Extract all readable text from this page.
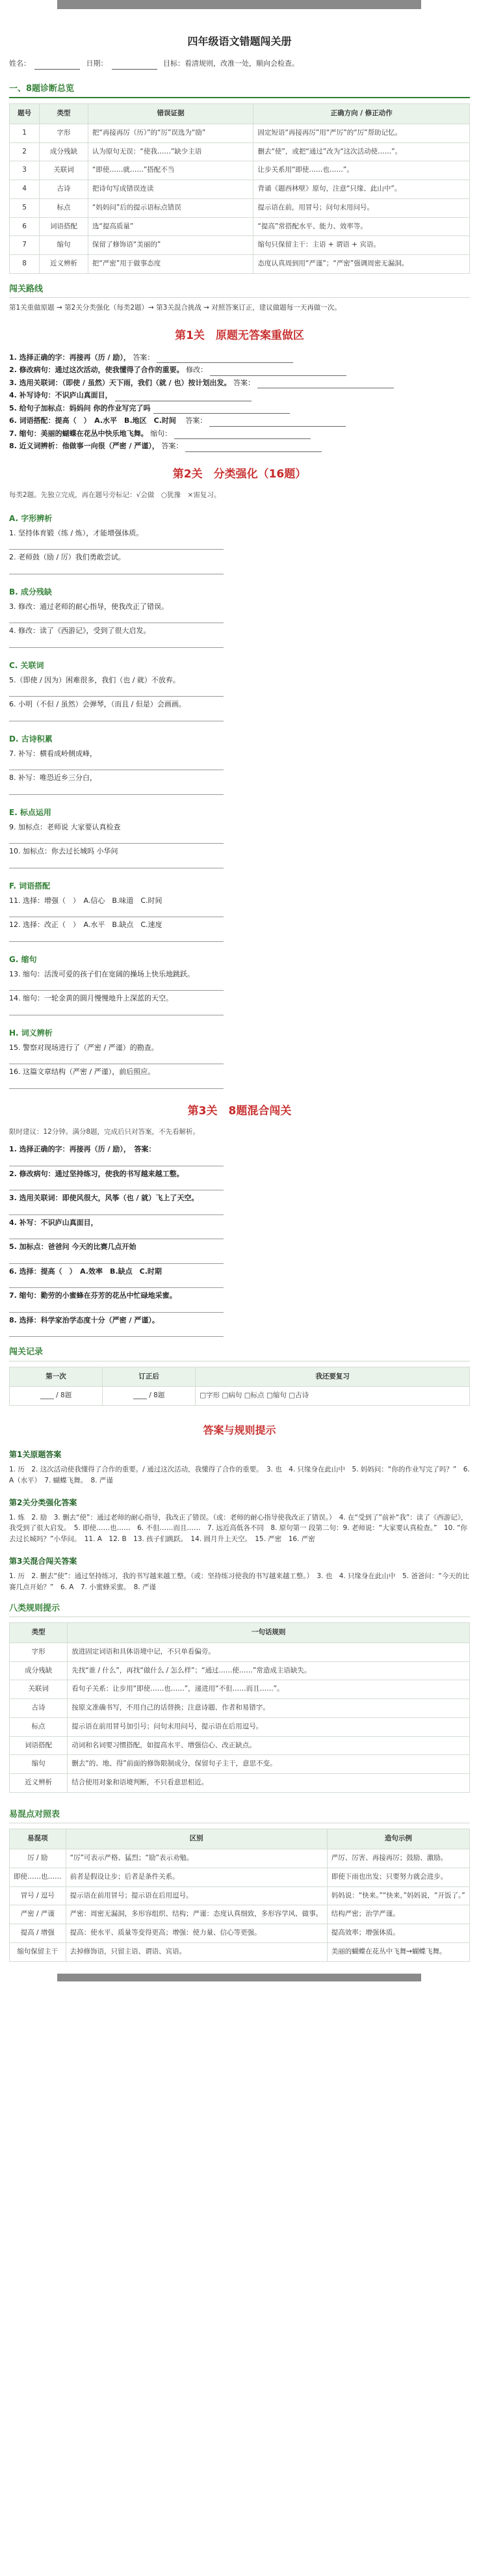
四年级语文错题闯关册
姓名：	日期：	目标：看清规则，改准一处，顺向会检查。
一、8题诊断总览
题号	类型	错误证据	正确方向 / 修正动作
1	字形	把“再接再厉（历）”的“厉”误选为“励”	固定短语“再接再厉”用“严厉”的“厉”帮助记忆。
2	成分残缺	认为原句无误：“使我……”缺少主语	删去“使”，或把“通过”改为“这次活动使……”。
3	关联词	“即使……就……”搭配不当	让步关系用“即使……也……”。
4	古诗	把诗句写成错误连读	背诵《题西林壁》原句，注意“只缘、此山中”。
5	标点	“妈妈问”后的提示语标点错误	提示语在前，用冒号；问句末用问号。
6	词语搭配	选“提高质量”	“提高”常搭配水平、能力、效率等。
7	缩句	保留了修饰语“美丽的”	缩句只保留主干：主语 + 谓语 + 宾语。
8	近义辨析	把“严密”用于做事态度	态度认真周到用“严谨”；“严密”强调周密无漏洞。
闯关路线
第1关重做原题 → 第2关分类强化（每类2题）→ 第3关混合挑战 → 对照答案订正，建议做题每一天再做一次。
第1关　原题无答案重做区
1. 选择正确的字：再接再（历 / 励）， 答案：
2. 修改病句：通过这次活动，使我懂得了合作的重要。 修改：
3. 选用关联词：（即使 / 虽然）天下雨，我们（就 / 也）按计划出发。 答案：
4. 补写诗句：不识庐山真面目，
5. 给句子加标点：妈妈问 你的作业写完了吗
6. 词语搭配：提高（　）　A.水平　B.地区　C.时间　 答案：
7. 缩句：美丽的蝴蝶在花丛中快乐地飞舞。 缩句：
8. 近义词辨析：他做事一向很（严密 / 严谨）， 答案：
第2关　分类强化（16题）
每类2题。先独立完成，再在题号旁标记：√会做　○犹豫　×需复习。
A. 字形辨析
1. 坚持体育锻（练 / 炼），才能增强体质。
2. 老师鼓（励 / 厉）我们勇敢尝试。
B. 成分残缺
3. 修改：通过老师的耐心指导，使我改正了错误。
4. 修改：读了《西游记》，受到了很大启发。
C. 关联词
5.（即使 / 因为）困难很多，我们（也 / 就）不放弃。
6. 小明（不但 / 虽然）会弹琴，（而且 / 但是）会画画。
D. 古诗积累
7. 补写：横看成岭侧成峰，
8. 补写：唯恐近乡三分白，
E. 标点运用
9. 加标点：老师说 大家要认真检查
10. 加标点：你去过长城吗 小华问
F. 词语搭配
11. 选择：增强（　）　A.信心　B.味道　C.时间
12. 选择：改正（　）　A.水平　B.缺点　C.速度
G. 缩句
13. 缩句：活泼可爱的孩子们在宽阔的操场上快乐地跳跃。
14. 缩句：一轮金黄的圆月慢慢地升上深蓝的天空。
H. 词义辨析
15. 警察对现场进行了（严密 / 严谨）的勘查。
16. 这篇文章结构（严密 / 严谨），前后照应。
第3关　8题混合闯关
限时建议：12分钟。满分8题，完成后只对答案，不先看解析。
1. 选择正确的字：再接再（历 / 励），　答案：
2. 修改病句：通过坚持练习，使我的书写越来越工整。
3. 选用关联词：即使风很大，风筝（也 / 就）飞上了天空。
4. 补写：不识庐山真面目，
5. 加标点：爸爸问 今天的比赛几点开始
6. 选择：提高（　）　A.效率　B.缺点　C.时期
7. 缩句：勤劳的小蜜蜂在芬芳的花丛中忙碌地采蜜。
8. 选择：科学家治学态度十分（严密 / 严谨）。
闯关记录
第一次	订正后	我还要复习
____ / 8题	____ / 8题	□字形 □病句 □标点 □缩句 □古诗
答案与规则提示
第1关原题答案
1. 历　2. 这次活动使我懂得了合作的重要。/ 通过这次活动，我懂得了合作的重要。　3. 也　4. 只缘身在此山中　5. 妈妈问：“你的作业写完了吗？”　6. A（水平）　7. 蝴蝶飞舞。　8. 严谨
第2关分类强化答案
1. 炼　2. 励　3. 删去“使”：通过老师的耐心指导，我改正了错误。（或：老师的耐心指导使我改正了错误。）　4. 在“受到了”前补“我”：读了《西游记》，我受到了很大启发。　5. 即使……也……　6. 不但……而且……　7. 远近高低各不同　8. 原句第一 段第二句：9. 老师说：“大家要认真检查。”　10. “你去过长城吗？”小华问。　11. A　12. B　13. 孩子们跳跃。　14. 圆月升上天空。　15. 严密　16. 严密
第3关混合闯关答案
1. 历　2. 删去“使”：通过坚持练习，我的书写越来越工整。（或：坚持练习使我的书写越来越工整。）　3. 也　4. 只缘身在此山中　5. 爸爸问：“今天的比赛几点开始？”　6. A　7. 小蜜蜂采蜜。　8. 严谨
八类规则提示
类型	一句话规则
字形	放进固定词语和具体语境中记，不只单看偏旁。
成分残缺	先找“谁 / 什么”，再找“做什么 / 怎么样”；“通过……使……”常造成主语缺失。
关联词	看句子关系：让步用“即使……也……”，递进用“不但……而且……”。
古诗	按原文准确书写，不用自己的话替换；注意诗题、作者和易错字。
标点	提示语在前用冒号加引号；问句末用问号，提示语在后用逗号。
词语搭配	动词和名词要习惯搭配，如提高水平、增强信心、改正缺点。
缩句	删去“的、地、得”前面的修饰限制成分，保留句子主干，意思不变。
近义辨析	结合使用对象和语境判断，不只看意思相近。
易混点对照表
易混项	区别	造句示例
厉 / 励	“厉”可表示严格、猛烈；“励”表示劝勉。	严厉、厉害、再接再厉；鼓励、激励。
即使……也……	前者是假设让步；后者是条件关系。	即使下雨也出发；只要努力就会进步。
冒号 / 逗号	提示语在前用冒号；提示语在后用逗号。	妈妈说：“快来。”“快来，”妈妈说，“开饭了。”
严密 / 严谨	严密：周密无漏洞，多形容组织、结构；严谨：态度认真细致，多形容学风、做事。	结构严密；治学严谨。
提高 / 增强	提高：使水平、质量等变得更高；增强：使力量、信心等更强。	提高效率；增强体质。
缩句保留主干	去掉修饰语，只留主语、谓语、宾语。	美丽的蝴蝶在花丛中飞舞→蝴蝶飞舞。
